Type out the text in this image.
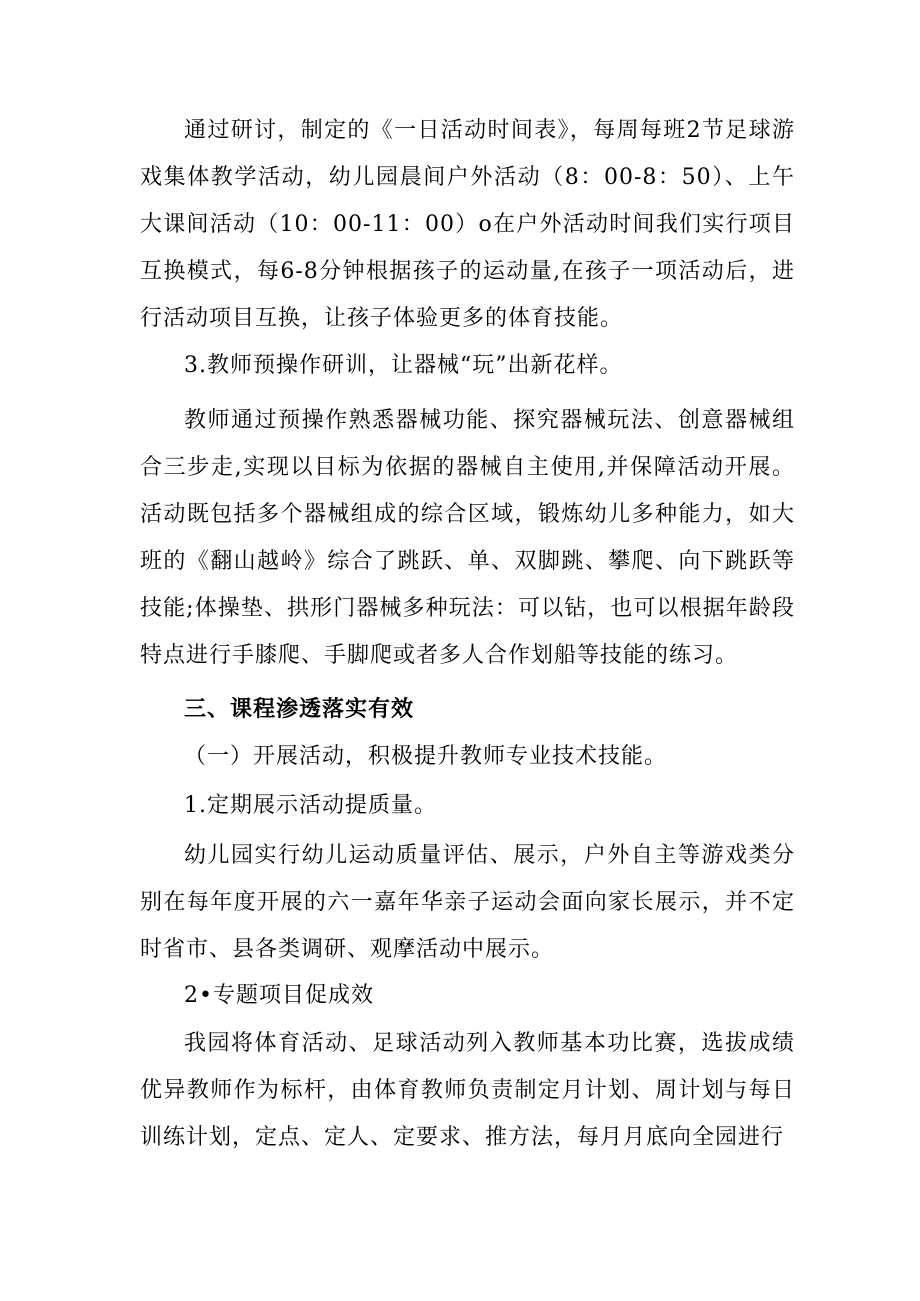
通过研讨，制定的《一日活动时间表》，每周每班2节足球游戏集体教学活动，幼儿园晨间户外活动（8：00-8：50）、上午大课间活动（10：00-11：00）o在户外活动时间我们实行项目互换模式，每6-8分钟根据孩子的运动量,在孩子一项活动后，进行活动项目互换，让孩子体验更多的体育技能。

3.教师预操作研训，让器械“玩”出新花样。

教师通过预操作熟悉器械功能、探究器械玩法、创意器械组合三步走,实现以目标为依据的器械自主使用,并保障活动开展。活动既包括多个器械组成的综合区域，锻炼幼儿多种能力，如大班的《翻山越岭》综合了跳跃、单、双脚跳、攀爬、向下跳跃等技能;体操垫、拱形门器械多种玩法：可以钻，也可以根据年龄段特点进行手膝爬、手脚爬或者多人合作划船等技能的练习。

三、课程渗透落实有效

（一）开展活动，积极提升教师专业技术技能。

1.定期展示活动提质量。

幼儿园实行幼儿运动质量评估、展示，户外自主等游戏类分别在每年度开展的六一嘉年华亲子运动会面向家长展示，并不定时省市、县各类调研、观摩活动中展示。

2•专题项目促成效

我园将体育活动、足球活动列入教师基本功比赛，选拔成绩优异教师作为标杆，由体育教师负责制定月计划、周计划与每日训练计划，定点、定人、定要求、推方法，每月月底向全园进行
